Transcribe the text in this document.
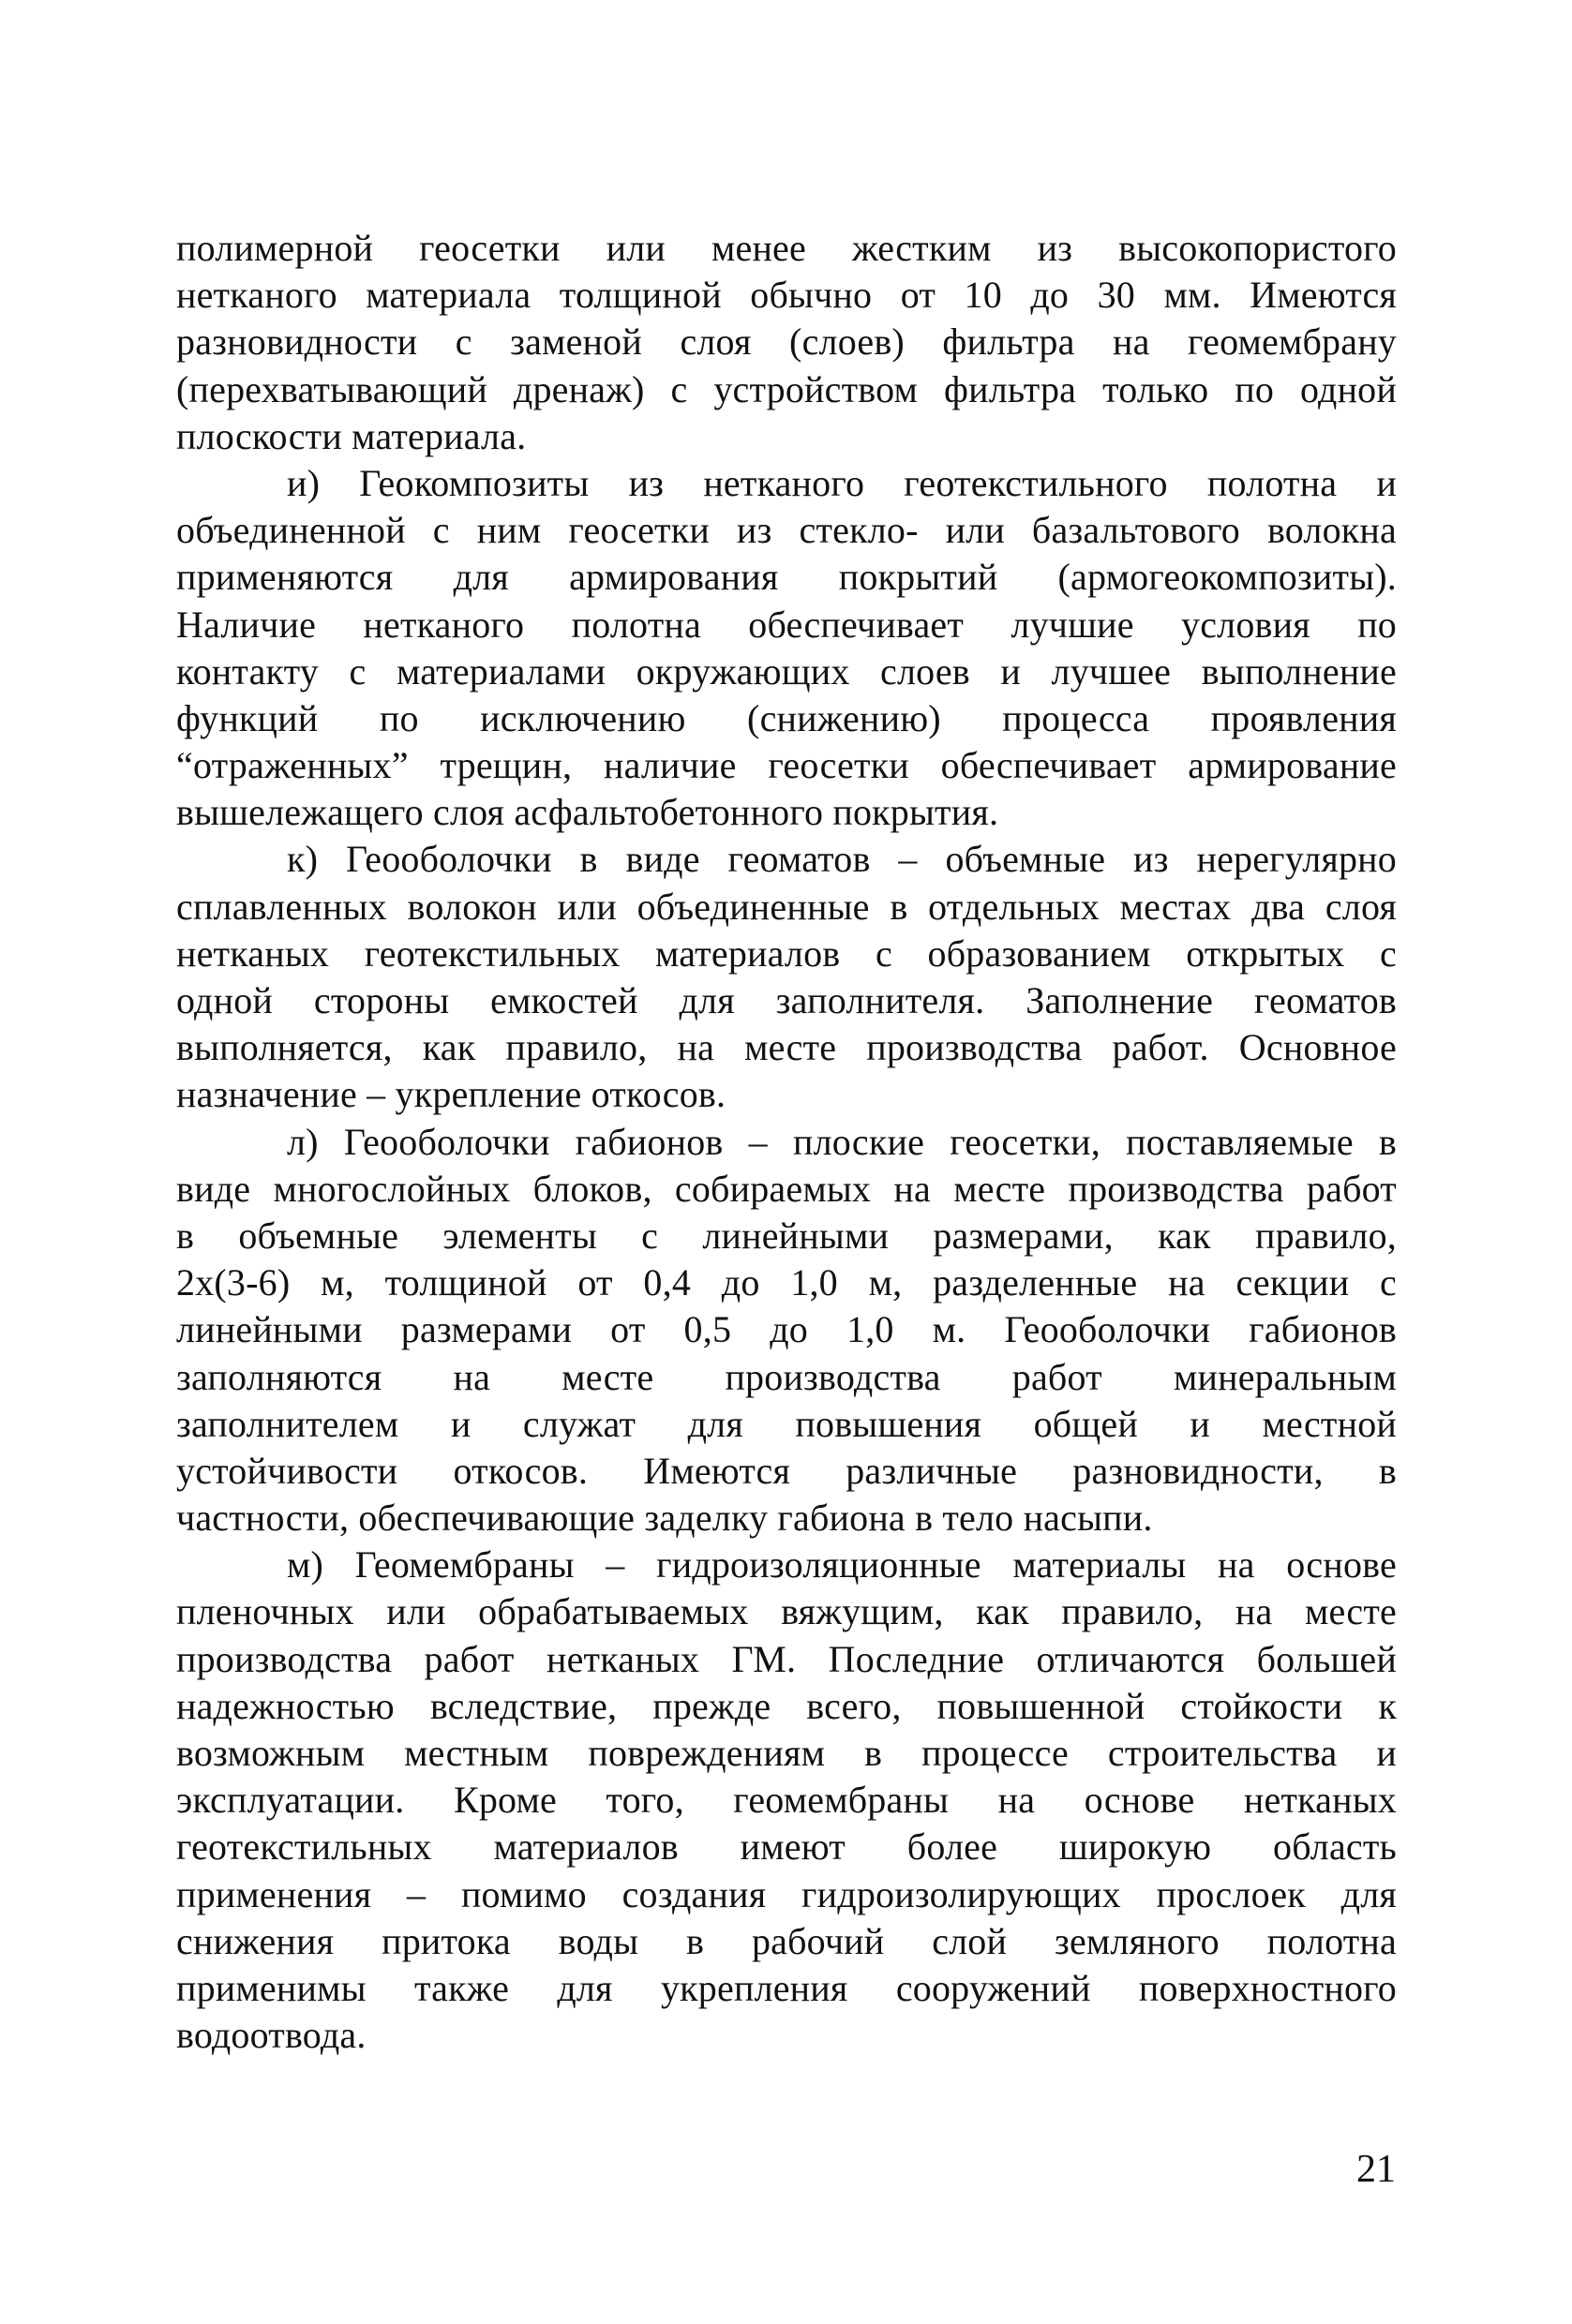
полимерной геосетки или менее жестким из высокопористого
нетканого материала толщиной обычно от 10 до 30 мм. Имеются
разновидности с заменой слоя (слоев) фильтра на геомембрану
(перехватывающий дренаж) с устройством фильтра только по одной
плоскости материала.
и) Геокомпозиты из нетканого геотекстильного полотна и
объединенной с ним геосетки из стекло- или базальтового волокна
применяются для армирования покрытий (армогеокомпозиты).
Наличие нетканого полотна обеспечивает лучшие условия по
контакту с материалами окружающих слоев и лучшее выполнение
функций по исключению (снижению) процесса проявления
“отраженных” трещин, наличие геосетки обеспечивает армирование
вышележащего слоя асфальтобетонного покрытия.
к) Геооболочки в виде геоматов – объемные из нерегулярно
сплавленных волокон или объединенные в отдельных местах два слоя
нетканых геотекстильных материалов с образованием открытых с
одной стороны емкостей для заполнителя. Заполнение геоматов
выполняется, как правило, на месте производства работ. Основное
назначение – укрепление откосов.
л) Геооболочки габионов – плоские геосетки, поставляемые в
виде многослойных блоков, собираемых на месте производства работ
в объемные элементы с линейными размерами, как правило,
2х(3-6) м, толщиной от 0,4 до 1,0 м, разделенные на секции с
линейными размерами от 0,5 до 1,0 м. Геооболочки габионов
заполняются на месте производства работ минеральным
заполнителем и служат для повышения общей и местной
устойчивости откосов. Имеются различные разновидности, в
частности, обеспечивающие заделку габиона в тело насыпи.
м) Геомембраны – гидроизоляционные материалы на основе
пленочных или обрабатываемых вяжущим, как правило, на месте
производства работ нетканых ГМ. Последние отличаются большей
надежностью вследствие, прежде всего, повышенной стойкости к
возможным местным повреждениям в процессе строительства и
эксплуатации. Кроме того, геомембраны на основе нетканых
геотекстильных материалов имеют более широкую область
применения – помимо создания гидроизолирующих прослоек для
снижения притока воды в рабочий слой земляного полотна
применимы также для укрепления сооружений поверхностного
водоотвода.
21
